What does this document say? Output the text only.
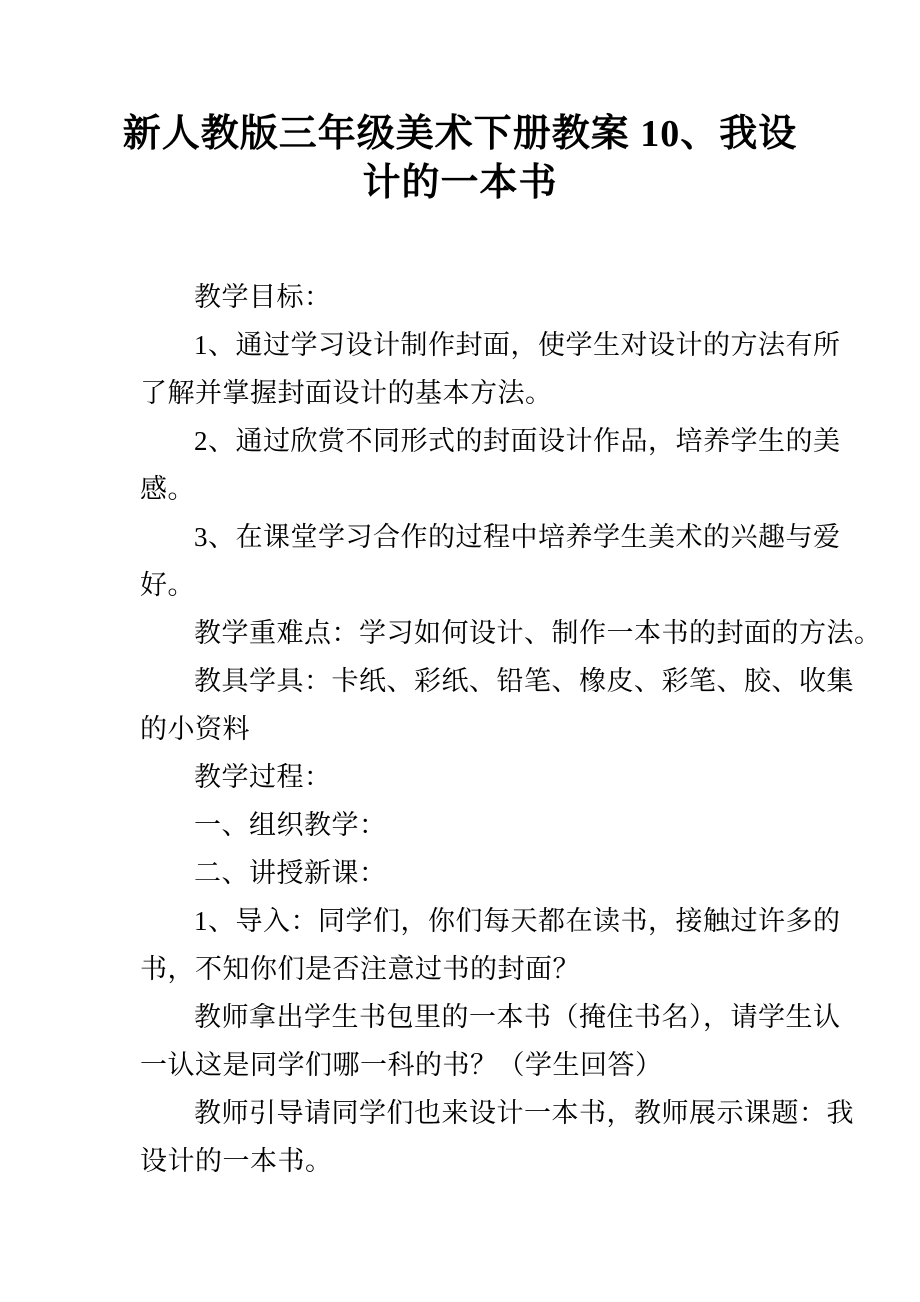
新人教版三年级美术下册教案 10、我设
计的一本书
教学目标：
1、通过学习设计制作封面，使学生对设计的方法有所
了解并掌握封面设计的基本方法。
2、通过欣赏不同形式的封面设计作品，培养学生的美
感。
3、在课堂学习合作的过程中培养学生美术的兴趣与爱
好。
教学重难点：学习如何设计、制作一本书的封面的方法。
教具学具：卡纸、彩纸、铅笔、橡皮、彩笔、胶、收集
的小资料
教学过程：
一、组织教学：
二、讲授新课：
1、导入：同学们，你们每天都在读书，接触过许多的
书，不知你们是否注意过书的封面？
教师拿出学生书包里的一本书（掩住书名），请学生认
一认这是同学们哪一科的书？（学生回答）
教师引导请同学们也来设计一本书，教师展示课题：我
设计的一本书。
